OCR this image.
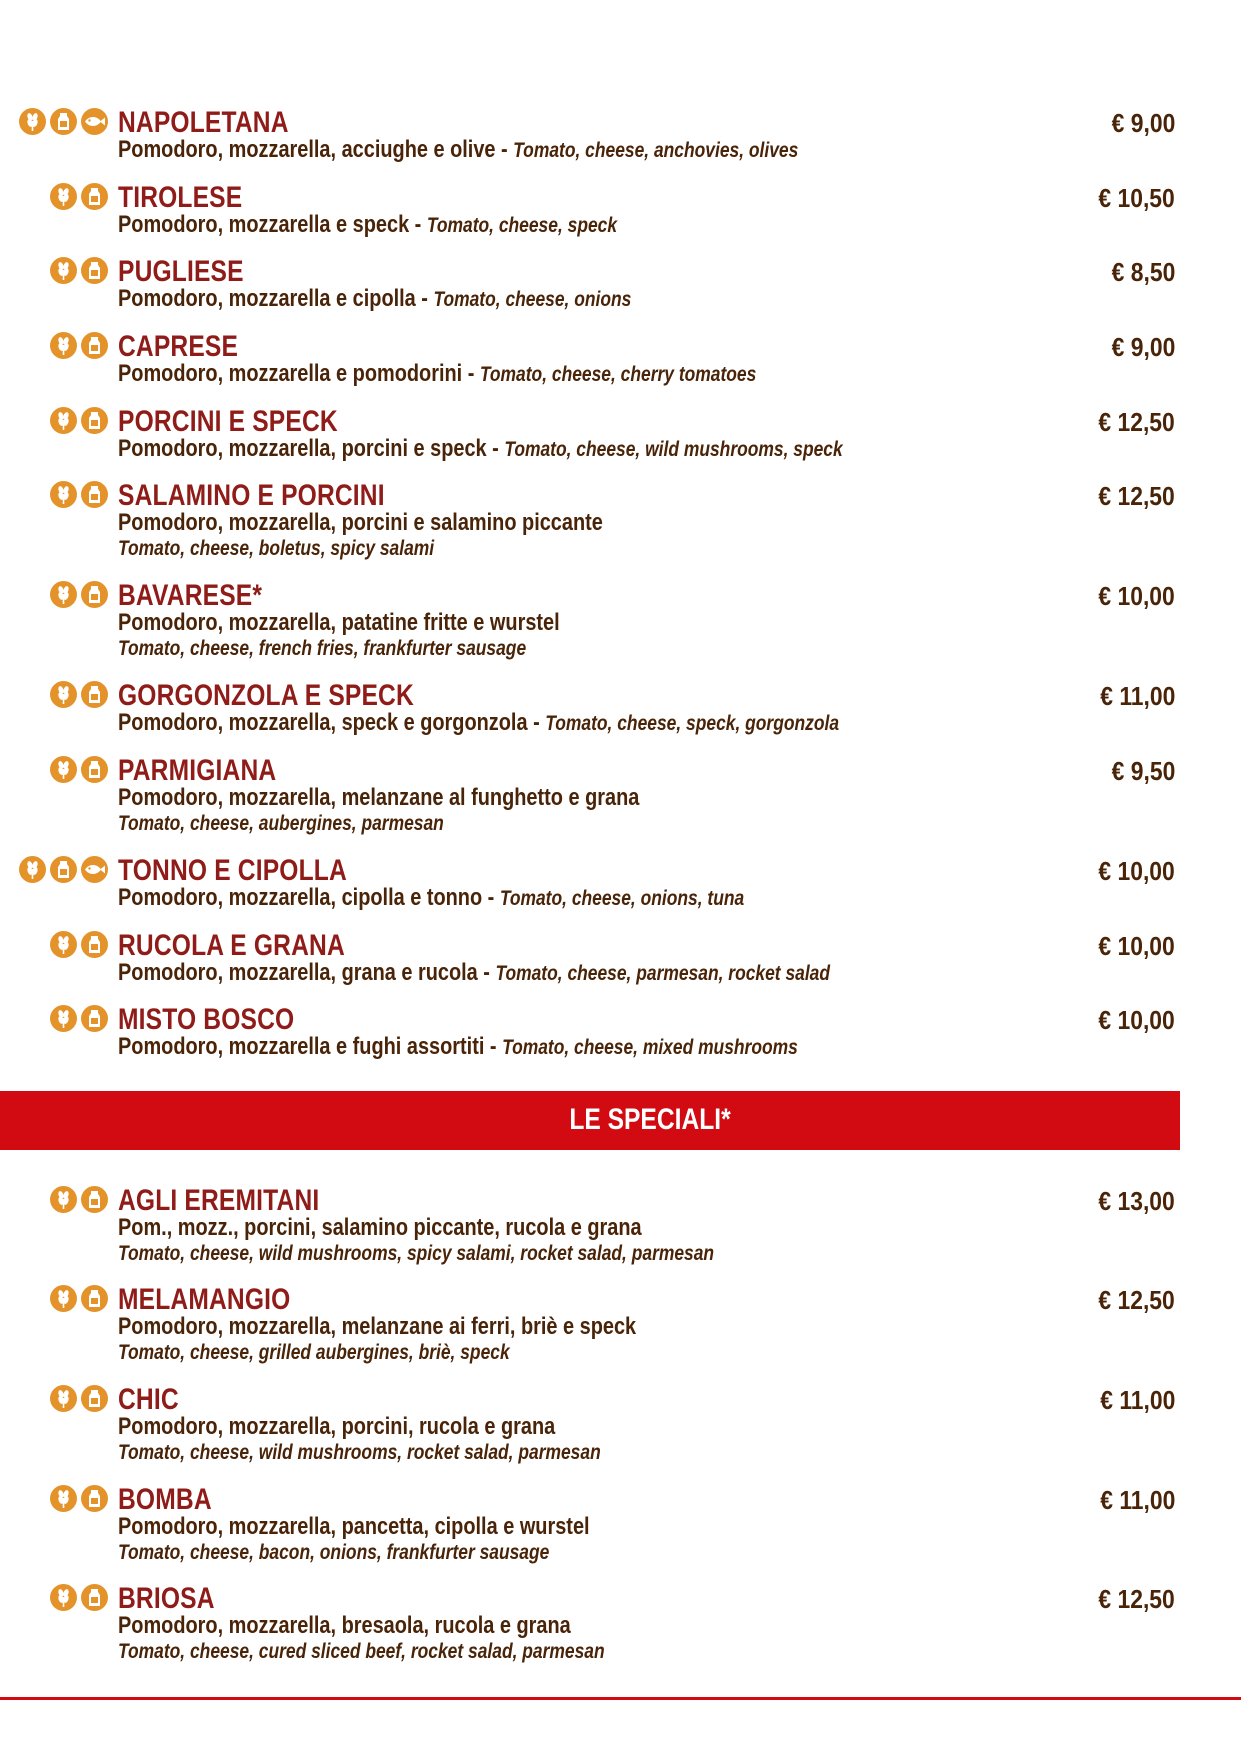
NAPOLETANA	€ 9,00
Pomodoro, mozzarella, acciughe e olive - Tomato, cheese, anchovies, olives
TIROLESE	€ 10,50
Pomodoro, mozzarella e speck - Tomato, cheese, speck
PUGLIESE	€ 8,50
Pomodoro, mozzarella e cipolla - Tomato, cheese, onions
CAPRESE	€ 9,00
Pomodoro, mozzarella e pomodorini - Tomato, cheese, cherry tomatoes
PORCINI E SPECK	€ 12,50
Pomodoro, mozzarella, porcini e speck - Tomato, cheese, wild mushrooms, speck
SALAMINO E PORCINI	€ 12,50
Pomodoro, mozzarella, porcini e salamino piccante
Tomato, cheese, boletus, spicy salami
BAVARESE*	€ 10,00
Pomodoro, mozzarella, patatine fritte e wurstel
Tomato, cheese, french fries, frankfurter sausage
GORGONZOLA E SPECK	€ 11,00
Pomodoro, mozzarella, speck e gorgonzola - Tomato, cheese, speck, gorgonzola
PARMIGIANA	€ 9,50
Pomodoro, mozzarella, melanzane al funghetto e grana
Tomato, cheese, aubergines, parmesan
TONNO E CIPOLLA	€ 10,00
Pomodoro, mozzarella, cipolla e tonno - Tomato, cheese, onions, tuna
RUCOLA E GRANA	€ 10,00
Pomodoro, mozzarella, grana e rucola - Tomato, cheese, parmesan, rocket salad
MISTO BOSCO	€ 10,00
Pomodoro, mozzarella e fughi assortiti - Tomato, cheese, mixed mushrooms
AGLI EREMITANI	€ 13,00
Pom., mozz., porcini, salamino piccante, rucola e grana
Tomato, cheese, wild mushrooms, spicy salami, rocket salad, parmesan
MELAMANGIO	€ 12,50
Pomodoro, mozzarella, melanzane ai ferri, briè e speck
Tomato, cheese, grilled aubergines, briè, speck
CHIC	€ 11,00
Pomodoro, mozzarella, porcini, rucola e grana
Tomato, cheese, wild mushrooms, rocket salad, parmesan
BOMBA	€ 11,00
Pomodoro, mozzarella, pancetta, cipolla e wurstel
Tomato, cheese, bacon, onions, frankfurter sausage
BRIOSA	€ 12,50
Pomodoro, mozzarella, bresaola, rucola e grana
Tomato, cheese, cured sliced beef, rocket salad, parmesan
LE SPECIALI*
